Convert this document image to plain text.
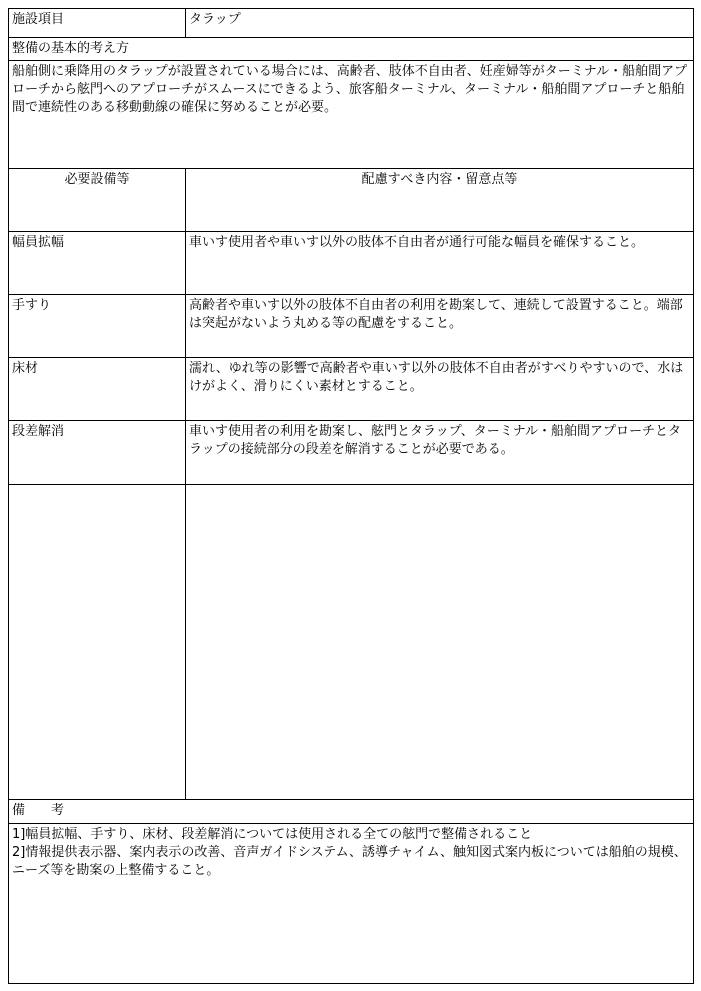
施設項目	タラップ
整備の基本的考え方
船舶側に乗降用のタラップが設置されている場合には、高齢者、肢体不自由者、妊産婦等がターミナル・船舶間アプローチから舷門へのアプローチがスムースにできるよう、旅客船ターミナル、ターミナル・船舶間アプローチと船舶間で連続性のある移動動線の確保に努めることが必要。
必要設備等	配慮すべき内容・留意点等
幅員拡幅	車いす使用者や車いす以外の肢体不自由者が通行可能な幅員を確保すること。
手すり	高齢者や車いす以外の肢体不自由者の利用を勘案して、連続して設置すること。端部は突起がないよう丸める等の配慮をすること。
床材	濡れ、ゆれ等の影響で高齢者や車いす以外の肢体不自由者がすべりやすいので、水はけがよく、滑りにくい素材とすること。
段差解消	車いす使用者の利用を勘案し、舷門とタラップ、ターミナル・船舶間アプローチとタラップの接続部分の段差を解消することが必要である。
備　　考
1]幅員拡幅、手すり、床材、段差解消については使用される全ての舷門で整備されること
2]情報提供表示器、案内表示の改善、音声ガイドシステム、誘導チャイム、触知図式案内板については船舶の規模、ニーズ等を勘案の上整備すること。
